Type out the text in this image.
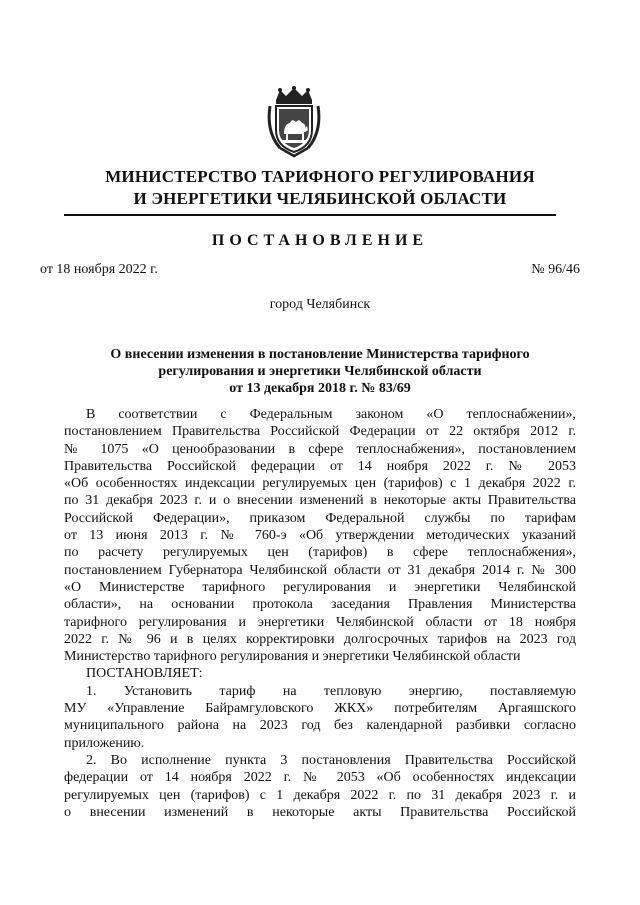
МИНИСТЕРСТВО ТАРИФНОГО РЕГУЛИРОВАНИЯ
И ЭНЕРГЕТИКИ ЧЕЛЯБИНСКОЙ ОБЛАСТИ
ПОСТАНОВЛЕНИЕ
от 18 ноября 2022 г.	№ 96/46
город Челябинск
О внесении изменения в постановление Министерства тарифного
регулирования и энергетики Челябинской области
от 13 декабря 2018 г. № 83/69
В соответствии с Федеральным законом «О теплоснабжении»,
постановлением Правительства Российской Федерации от 22 октября 2012 г.
№ 1075 «О ценообразовании в сфере теплоснабжения», постановлением
Правительства Российской федерации от 14 ноября 2022 г. № 2053
«Об особенностях индексации регулируемых цен (тарифов) с 1 декабря 2022 г.
по 31 декабря 2023 г. и о внесении изменений в некоторые акты Правительства
Российской Федерации», приказом Федеральной службы по тарифам
от 13 июня 2013 г. № 760-э «Об утверждении методических указаний
по расчету регулируемых цен (тарифов) в сфере теплоснабжения»,
постановлением Губернатора Челябинской области от 31 декабря 2014 г. № 300
«О Министерстве тарифного регулирования и энергетики Челябинской
области», на основании протокола заседания Правления Министерства
тарифного регулирования и энергетики Челябинской области от 18 ноября
2022 г. № 96 и в целях корректировки долгосрочных тарифов на 2023 год
Министерство тарифного регулирования и энергетики Челябинской области
ПОСТАНОВЛЯЕТ:
1. Установить тариф на тепловую энергию, поставляемую
МУ «Управление Байрамгуловского ЖКХ» потребителям Аргаяшского
муниципального района на 2023 год без календарной разбивки согласно
приложению.
2. Во исполнение пункта 3 постановления Правительства Российской
федерации от 14 ноября 2022 г. № 2053 «Об особенностях индексации
регулируемых цен (тарифов) с 1 декабря 2022 г. по 31 декабря 2023 г. и
о внесении изменений в некоторые акты Правительства Российской
